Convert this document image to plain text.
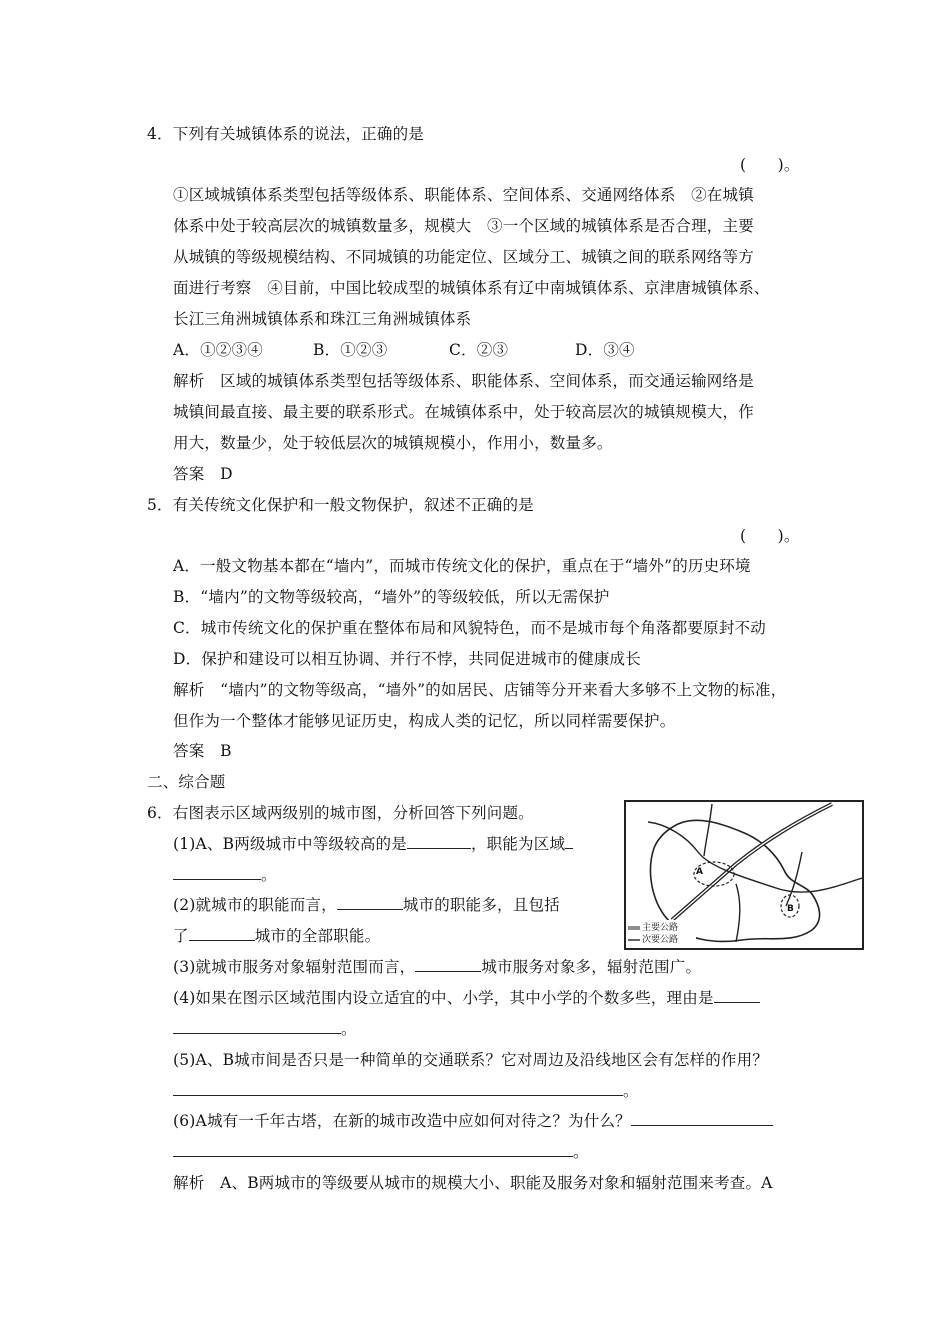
4．下列有关城镇体系的说法，正确的是
(　　)。
①区域城镇体系类型包括等级体系、职能体系、空间体系、交通网络体系　②在城镇
体系中处于较高层次的城镇数量多，规模大　③一个区域的城镇体系是否合理，主要
从城镇的等级规模结构、不同城镇的功能定位、区域分工、城镇之间的联系网络等方
面进行考察　④目前，中国比较成型的城镇体系有辽中南城镇体系、京津唐城镇体系、
长江三角洲城镇体系和珠江三角洲城镇体系
A．①②③④	B．①②③	C．②③	D．③④
解析　区域的城镇体系类型包括等级体系、职能体系、空间体系，而交通运输网络是
城镇间最直接、最主要的联系形式。在城镇体系中，处于较高层次的城镇规模大，作
用大，数量少，处于较低层次的城镇规模小，作用小，数量多。
答案　D
5．有关传统文化保护和一般文物保护，叙述不正确的是
(　　)。
A．一般文物基本都在“墙内”，而城市传统文化的保护，重点在于“墙外”的历史环境
B．“墙内”的文物等级较高，“墙外”的等级较低，所以无需保护
C．城市传统文化的保护重在整体布局和风貌特色，而不是城市每个角落都要原封不动
D．保护和建设可以相互协调、并行不悖，共同促进城市的健康成长
解析　“墙内”的文物等级高，“墙外”的如居民、店铺等分开来看大多够不上文物的标准，
但作为一个整体才能够见证历史，构成人类的记忆，所以同样需要保护。
答案　B
二、综合题
6．右图表示区域两级别的城市图，分析回答下列问题。
(1)A、B两级城市中等级较高的是	，职能为区域
。
(2)就城市的职能而言，	城市的职能多，且包括
了	城市的全部职能。
(3)就城市服务对象辐射范围而言，	城市服务对象多，辐射范围广。
(4)如果在图示区域范围内设立适宜的中、小学，其中小学的个数多些，理由是
。
(5)A、B城市间是否只是一种简单的交通联系？它对周边及沿线地区会有怎样的作用？
。
(6)A城有一千年古塔，在新的城市改造中应如何对待之？为什么？
。
解析　A、B两城市的等级要从城市的规模大小、职能及服务对象和辐射范围来考查。A
A
B
主要公路
次要公路
